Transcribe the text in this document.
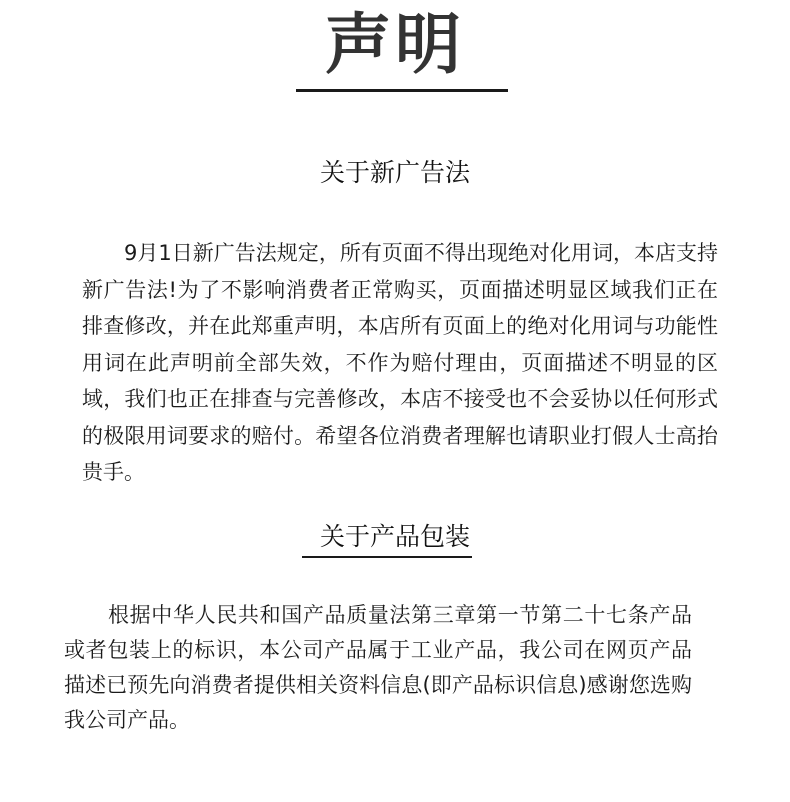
声明
关于新广告法

9月1日新广告法规定，所有页面不得出现绝对化用词，本店支持新广告法!为了不影响消费者正常购买，页面描述明显区域我们正在排查修改，并在此郑重声明，本店所有页面上的绝对化用词与功能性用词在此声明前全部失效，不作为赔付理由，页面描述不明显的区域，我们也正在排查与完善修改，本店不接受也不会妥协以任何形式的极限用词要求的赔付。希望各位消费者理解也请职业打假人士高抬贵手。

关于产品包装

根据中华人民共和国产品质量法第三章第一节第二十七条产品或者包装上的标识，本公司产品属于工业产品，我公司在网页产品描述已预先向消费者提供相关资料信息(即产品标识信息)感谢您选购我公司产品。
